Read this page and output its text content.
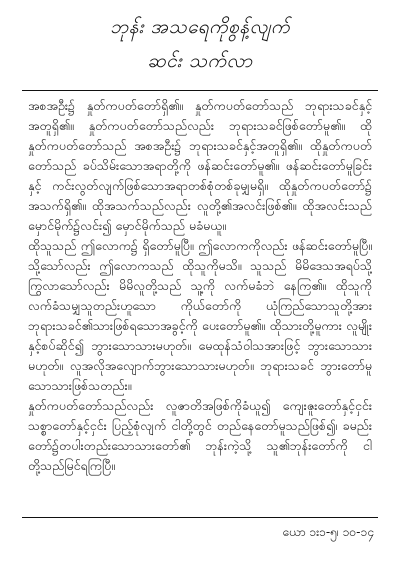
ဘုန်း အသရေကိုစွန့်လျက်
ဆင်း သက်လာ

အစအဦး၌ နှုတ်ကပတ်တော်ရှိ၏။ နှုတ်ကပတ်တော်သည် ဘုရားသခင်နှင့်အတူရှိ၏။ နှုတ်ကပတ်တော်သည်လည်း ဘုရားသခင်ဖြစ်တော်မူ၏။ ထိုနှုတ်ကပတ်တော်သည် အစအဦး၌ ဘုရားသခင်နှင့်အတူရှိ၏။ ထိုနှုတ်ကပတ်တော်သည် ခပ်သိမ်းသောအရာတို့ကို ဖန်ဆင်းတော်မူ၏။ ဖန်ဆင်းတော်မူခြင်းနှင့် ကင်းလွတ်လျက်ဖြစ်သောအရာတစ်စုံတစ်ခုမျှမရှိ။ ထိုနှုတ်ကပတ်တော်၌ အသက်ရှိ၏။ ထိုအသက်သည်လည်း လူတို့၏အလင်းဖြစ်၏။ ထိုအလင်းသည် မှောင်မိုက်၌လင်း၍ မှောင်မိုက်သည် မခံမယူ။

ထိုသူသည် ဤလောက၌ ရှိတော်မူပြီ။ ဤလောကကိုလည်း ဖန်ဆင်းတော်မူပြီ။ သို့သော်လည်း ဤလောကသည် ထိုသူကိုမသိ။ သူသည် မိမိဒေသအရပ်သို့ကြွလာသော်လည်း မိမိလူတို့သည် သူ့ကို လက်မခံဘဲ နေကြ၏။ ထိုသူကို လက်ခံသမျှသူတည်းဟူသော ကိုယ်တော်ကို ယုံကြည်သောသူတို့အား ဘုရားသခင်၏သားဖြစ်ရသောအခွင့်ကို ပေးတော်မူ၏။ ထိုသားတို့မူကား လူမျိုးနှင့်စပ်ဆိုင်၍ ဘွားသောသားမဟုတ်။ မေထုန်သံဝါသအားဖြင့် ဘွားသောသားမဟုတ်။ လူအလိုအလျောက်ဘွားသောသားမဟုတ်။ ဘုရားသခင် ဘွားတော်မူသောသားဖြစ်သတည်း။

နှုတ်ကပတ်တော်သည်လည်း လူဇာတိအဖြစ်ကိုခံယူ၍ ကျေးဇူးတော်နှင့်ငှင်း သစ္စာတော်နှင့်ငှင်း ပြည့်စုံလျက် ငါတို့တွင် တည်နေတော်မူသည်ဖြစ်၍၊ ခမည်းတော်၌တပါးတည်းသောသားတော်၏ ဘုန်းကဲ့သို့ သူ၏ဘုန်းတော်ကို ငါတို့သည်မြင်ရကြပြီ။

ယော ၁း၁-၅၊ ၁၀-၁၄
